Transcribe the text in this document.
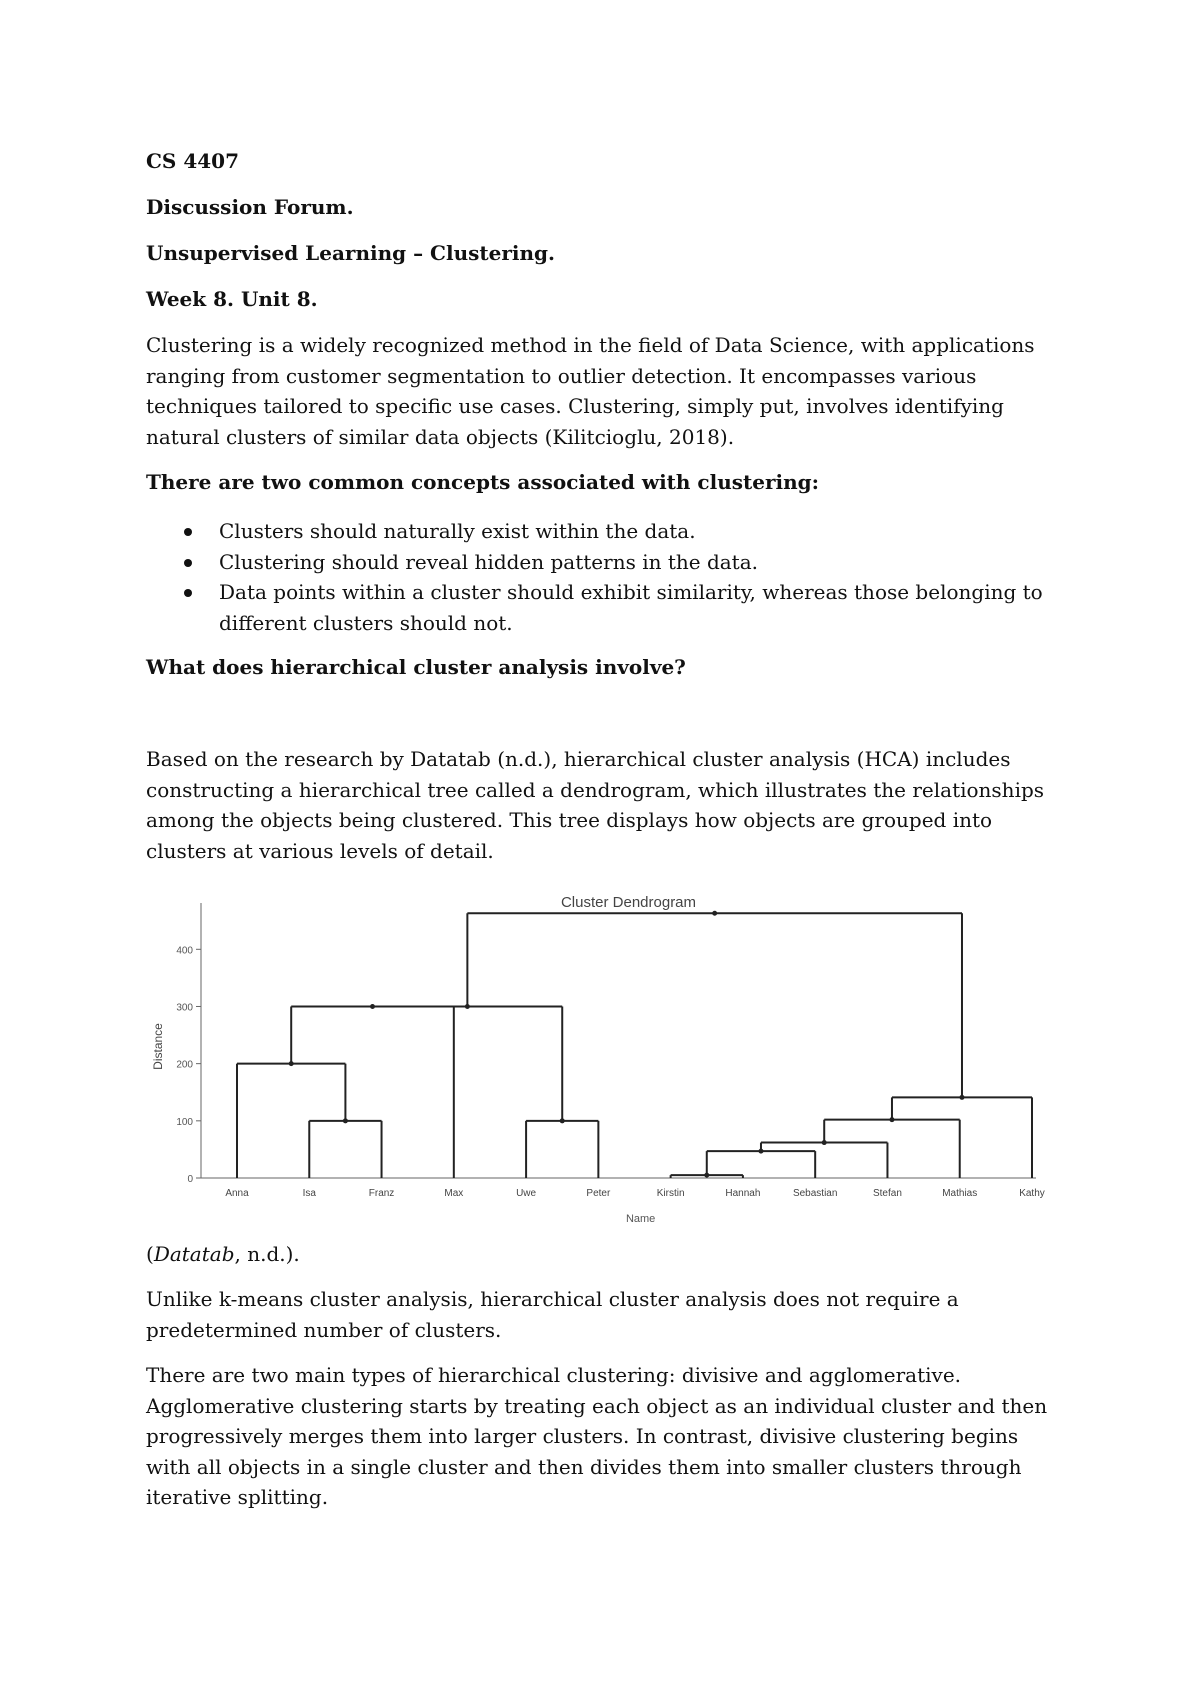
CS 4407
Discussion Forum.
Unsupervised Learning – Clustering.
Week 8. Unit 8.
Clustering is a widely recognized method in the field of Data Science, with applications ranging from customer segmentation to outlier detection. It encompasses various techniques tailored to specific use cases. Clustering, simply put, involves identifying natural clusters of similar data objects (Kilitcioglu, 2018).
There are two common concepts associated with clustering:
Clusters should naturally exist within the data.
Clustering should reveal hidden patterns in the data.
Data points within a cluster should exhibit similarity, whereas those belonging to different clusters should not.
What does hierarchical cluster analysis involve?
Based on the research by Datatab (n.d.), hierarchical cluster analysis (HCA) includes constructing a hierarchical tree called a dendrogram, which illustrates the relationships among the objects being clustered. This tree displays how objects are grouped into clusters at various levels of detail.
(Datatab, n.d.).
Unlike k-means cluster analysis, hierarchical cluster analysis does not require a predetermined number of clusters.
There are two main types of hierarchical clustering: divisive and agglomerative. Agglomerative clustering starts by treating each object as an individual cluster and then progressively merges them into larger clusters. In contrast, divisive clustering begins with all objects in a single cluster and then divides them into smaller clusters through iterative splitting.
Cluster Dendrogram
0
100
200
300
400
Distance
Name
Anna	Isa	Franz	Max	Uwe	Peter	Kirstin	Hannah	Sebastian	Stefan	Mathias	Kathy
